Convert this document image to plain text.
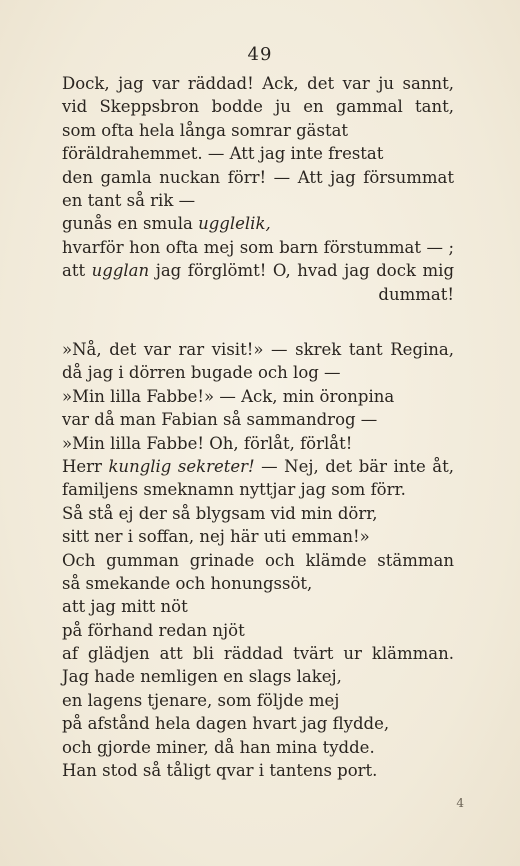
49
Dock, jag var räddad! Ack, det var ju sannt,
vid Skeppsbron bodde ju en gammal tant,
som ofta hela långa somrar gästat
föräldrahemmet. — Att jag inte frestat
den gamla nuckan förr! — Att jag försummat
en tant så rik —
gunås en smula ugglelik,
hvarför hon ofta mej som barn förstummat — ;
att ugglan jag förglömt! O, hvad jag dock mig
dummat!
»Nå, det var rar visit!» — skrek tant Regina,
då jag i dörren bugade och log —
»Min lilla Fabbe!» — Ack, min öronpina
var då man Fabian så sammandrog —
»Min lilla Fabbe! Oh, förlåt, förlåt!
Herr kunglig sekreter! — Nej, det bär inte åt,
familjens smeknamn nyttjar jag som förr.
Så stå ej der så blygsam vid min dörr,
sitt ner i soffan, nej här uti emman!»
Och gumman grinade och klämde stämman
så smekande och honungssöt,
att jag mitt nöt
på förhand redan njöt
af glädjen att bli räddad tvärt ur klämman.
Jag hade nemligen en slags lakej,
en lagens tjenare, som följde mej
på afstånd hela dagen hvart jag flydde,
och gjorde miner, då han mina tydde.
Han stod så tåligt qvar i tantens port.
4
